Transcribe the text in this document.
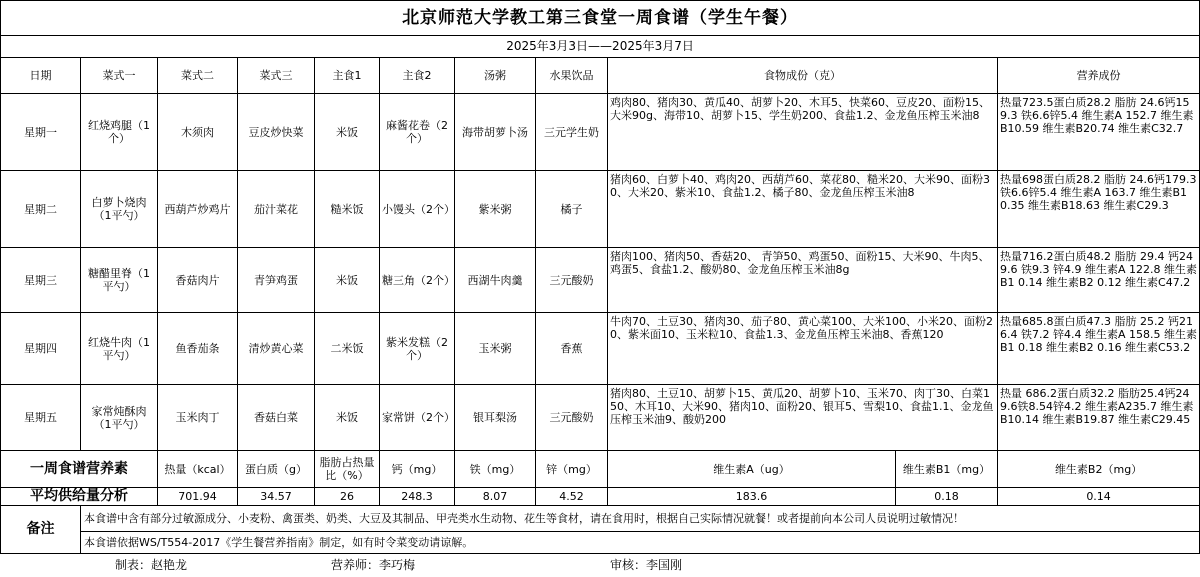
北京师范大学教工第三食堂一周食谱（学生午餐）										
2025年3月3日——2025年3月7日										
日期	菜式一	菜式二	菜式三	主食1	主食2	汤粥	水果饮品	食物成份（克）		营养成份
星期一	红烧鸡腿（1个）	木须肉	豆皮炒快菜	米饭	麻酱花卷（2个）	海带胡萝卜汤	三元学生奶	鸡肉80、猪肉30、黄瓜40、胡萝卜20、木耳5、快菜60、豆皮20、面粉15、大米90g、海带10、胡萝卜15、学生奶200、食盐1.2、金龙鱼压榨玉米油8		热量723.5蛋白质28.2 脂肪 24.6钙159.3 铁6.6锌5.4 维生素A 152.7 维生素B10.59 维生素B20.74 维生素C32.7
星期二	白萝卜烧肉（1平勺）	西葫芦炒鸡片	茄汁菜花	糙米饭	小馒头（2个）	紫米粥	橘子	猪肉60、白萝卜40、鸡肉20、西葫芦60、菜花80、糙米20、大米90、面粉30、大米20、紫米10、食盐1.2、橘子80、金龙鱼压榨玉米油8		热量698蛋白质28.2 脂肪 24.6钙179.3 铁6.6锌5.4 维生素A 163.7 维生素B10.35 维生素B18.63 维生素C29.3
星期三	糖醋里脊（1平勺）	香菇肉片	青笋鸡蛋	米饭	糖三角（2个）	西湖牛肉羹	三元酸奶	猪肉100、猪肉50、香菇20、 青笋50、鸡蛋50、面粉15、大米90、牛肉5、鸡蛋5、食盐1.2、酸奶80、金龙鱼压榨玉米油8g		热量716.2蛋白质48.2 脂肪 29.4 钙249.6 铁9.3 锌4.9 维生素A 122.8 维生素B1 0.14 维生素B2 0.12 维生素C47.2
星期四	红烧牛肉（1平勺）	鱼香茄条	清炒黄心菜	二米饭	紫米发糕（2个）	玉米粥	香蕉	牛肉70、土豆30、猪肉30、茄子80、黄心菜100、大米100、小米20、面粉20、紫米面10、玉米粒10、食盐1.3、金龙鱼压榨玉米油8、香蕉120		热量685.8蛋白质47.3 脂肪 25.2 钙216.4 铁7.2 锌4.4 维生素A 158.5 维生素B1 0.18 维生素B2 0.16 维生素C53.2
星期五	家常炖酥肉（1平勺）	玉米肉丁	香菇白菜	米饭	家常饼（2个）	银耳梨汤	三元酸奶	猪肉80、土豆10、胡萝卜15、黄瓜20、胡萝卜10、玉米70、肉丁30、白菜150、木耳10、大米90、猪肉10、面粉20、银耳5、雪梨10、食盐1.1、金龙鱼压榨玉米油9、酸奶200		热量 686.2蛋白质32.2 脂肪25.4钙249.6铁8.54锌4.2 维生素A235.7 维生素B10.14 维生素B19.87 维生素C29.45
一周食谱营养素		热量（kcal）	蛋白质（g）	脂肪占热量比（%）	钙（mg）	铁（mg）	锌（mg）	维生素A（ug）	维生素B1（mg）	维生素B2（mg）
平均供给量分析		701.94	34.57	26	248.3	8.07	4.52	183.6	0.18	0.14
备注	本食谱中含有部分过敏源成分、小麦粉、禽蛋类、奶类、大豆及其制品、甲壳类水生动物、花生等食材，请在食用时，根据自己实际情况就餐！或者提前向本公司人员说明过敏情况！									
	本食谱依据WS/T554-2017《学生餐营养指南》制定，如有时令菜变动请谅解。									
制表：赵艳龙	营养师：李巧梅	审核：李国刚
